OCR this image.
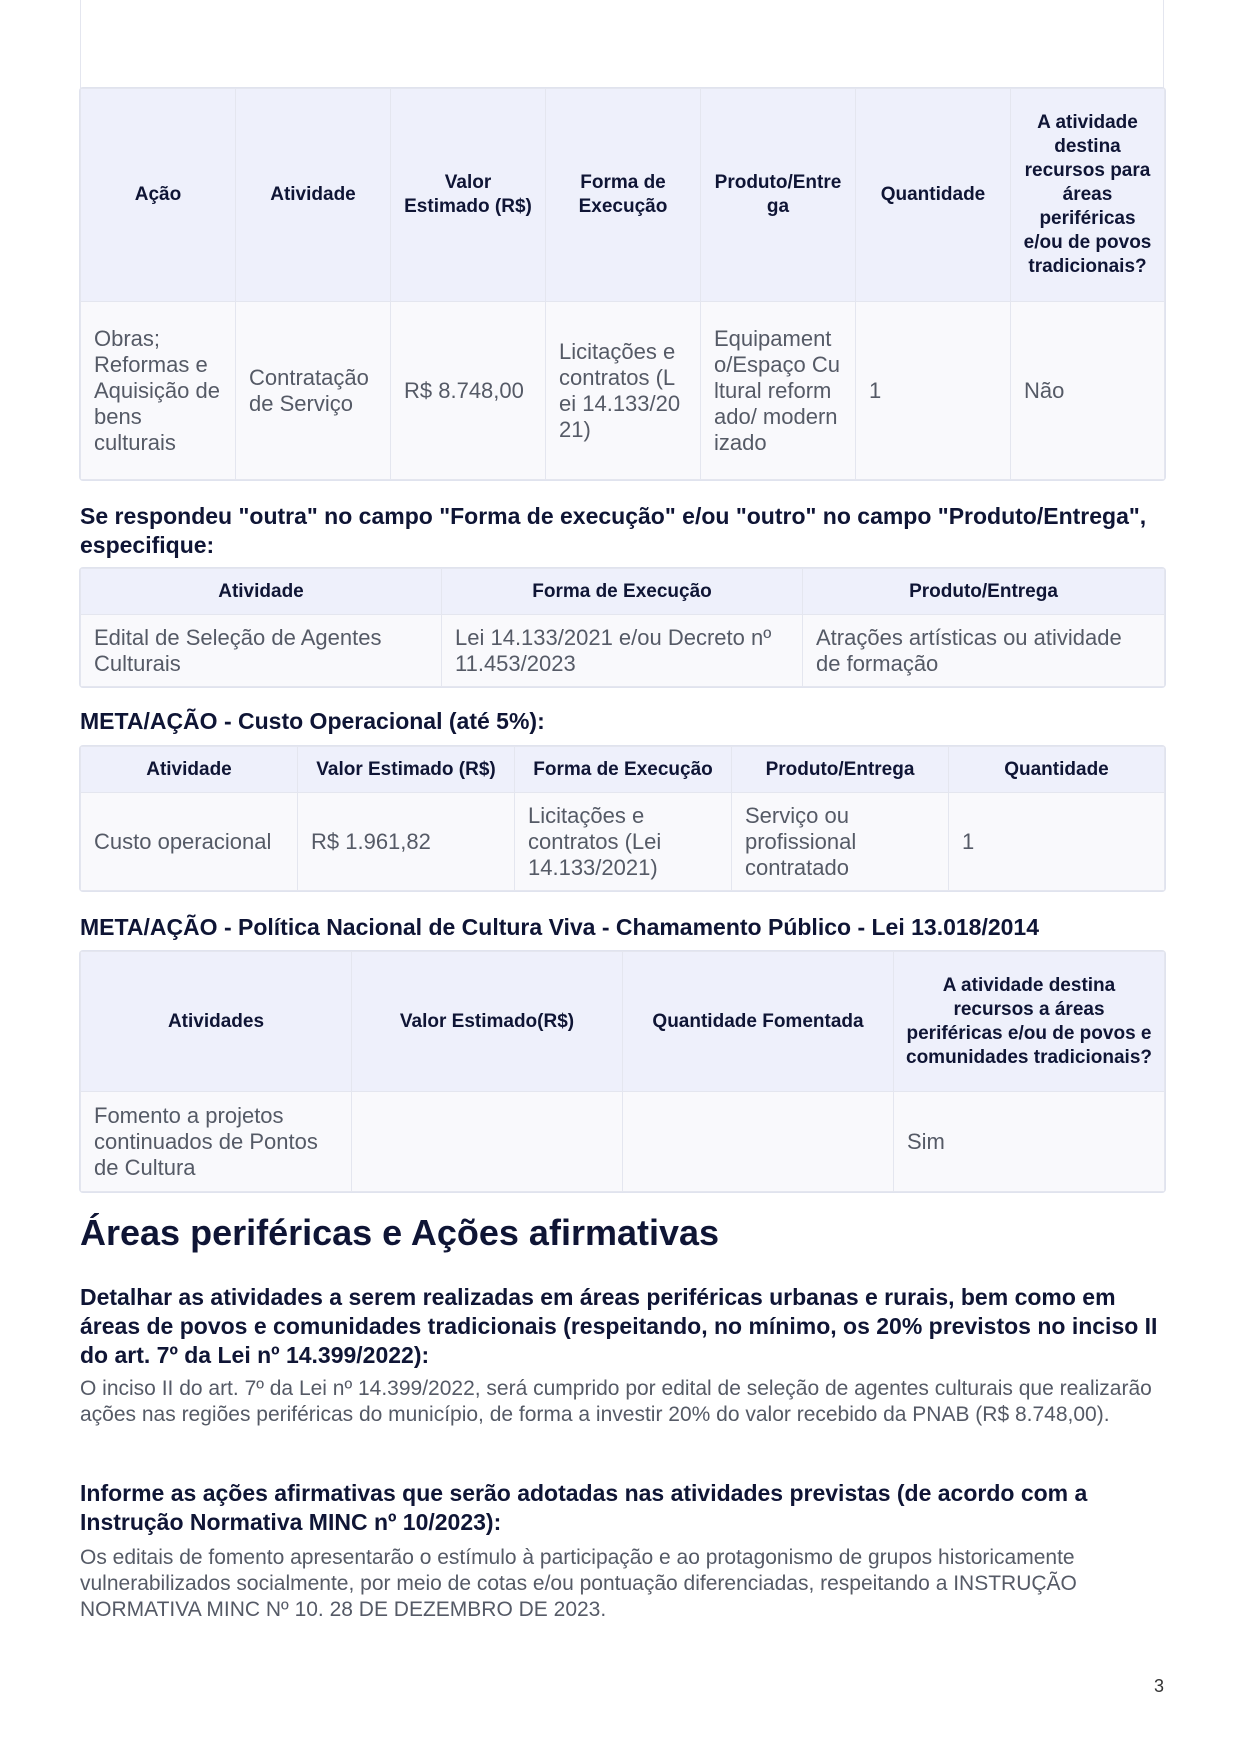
Ação	Atividade	Valor Estimado (R$)	Forma de Execução	Produto/Entrega	Quantidade	A atividade destina recursos para áreas periféricas e/ou de povos tradicionais?
Obras; Reformas e Aquisição de bens culturais	Contratação de Serviço	R$ 8.748,00	Licitações e contratos (Lei 14.133/2021)	Equipamento/Espaço Cultural reformado/ modernizado	1	Não
Se respondeu "outra" no campo "Forma de execução" e/ou "outro" no campo "Produto/Entrega", especifique:
Atividade	Forma de Execução	Produto/Entrega
Edital de Seleção de Agentes Culturais	Lei 14.133/2021 e/ou Decreto nº 11.453/2023	Atrações artísticas ou atividade de formação
META/AÇÃO - Custo Operacional (até 5%):
Atividade	Valor Estimado (R$)	Forma de Execução	Produto/Entrega	Quantidade
Custo operacional	R$ 1.961,82	Licitações e contratos (Lei 14.133/2021)	Serviço ou profissional contratado	1
META/AÇÃO - Política Nacional de Cultura Viva - Chamamento Público - Lei 13.018/2014
Atividades	Valor Estimado(R$)	Quantidade Fomentada	A atividade destina recursos a áreas periféricas e/ou de povos e comunidades tradicionais?
Fomento a projetos continuados de Pontos de Cultura			Sim
Áreas periféricas e Ações afirmativas
Detalhar as atividades a serem realizadas em áreas periféricas urbanas e rurais, bem como em áreas de povos e comunidades tradicionais (respeitando, no mínimo, os 20% previstos no inciso II do art. 7º da Lei nº 14.399/2022):
O inciso II do art. 7º da Lei nº 14.399/2022, será cumprido por edital de seleção de agentes culturais que realizarão ações nas regiões periféricas do município, de forma a investir 20% do valor recebido da PNAB (R$ 8.748,00).
Informe as ações afirmativas que serão adotadas nas atividades previstas (de acordo com a Instrução Normativa MINC nº 10/2023):
Os editais de fomento apresentarão o estímulo à participação e ao protagonismo de grupos historicamente vulnerabilizados socialmente, por meio de cotas e/ou pontuação diferenciadas, respeitando a INSTRUÇÃO NORMATIVA MINC Nº 10. 28 DE DEZEMBRO DE 2023.
3
